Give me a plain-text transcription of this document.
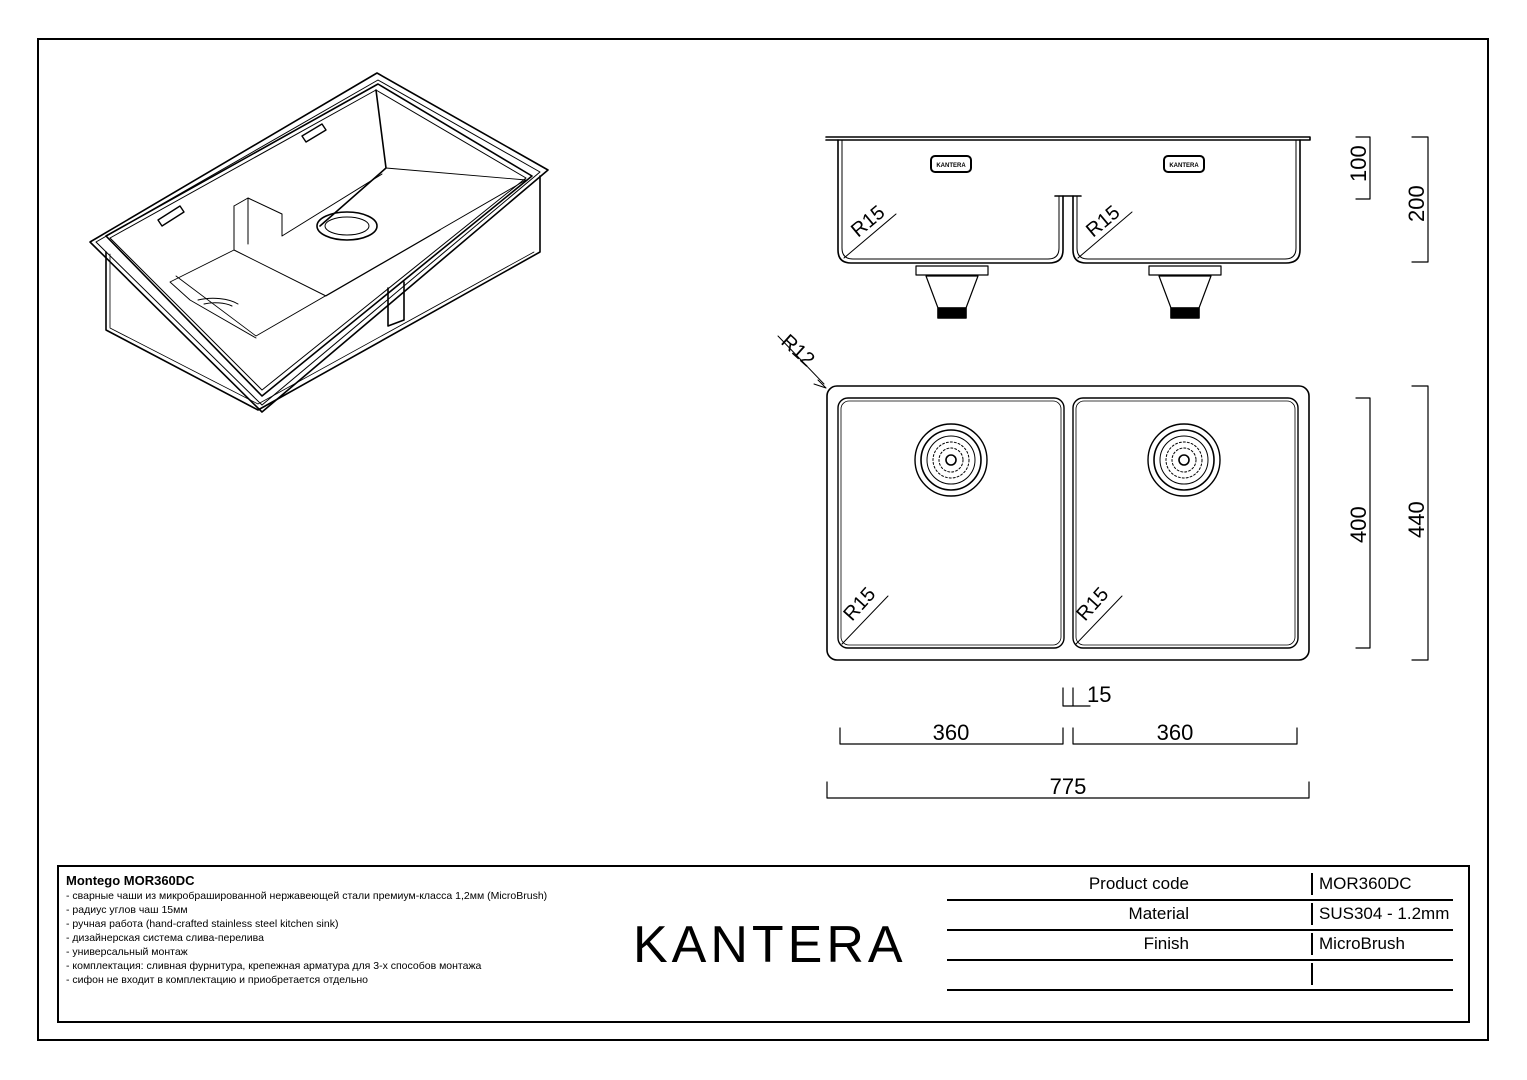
KANTERA	KANTERA
R15	R15
100
200
R12
R15	R15
400 440
15
360	360
775
Montego MOR360DC
- сварные чаши из микробрашированной нержавеющей стали премиум-класса 1,2мм (MicroBrush)
- радиус углов чаш 15мм
- ручная работа (hand-crafted stainless steel kitchen sink)
- дизайнерская система слива-перелива
- универсальный монтаж
- комплектация: сливная фурнитура, крепежная арматура для 3-х способов монтажа
- сифон не входит в комплектацию и приобретается отдельно
KANTERA
Product code	MOR360DC
Material	SUS304 - 1.2mm
Finish	MicroBrush
